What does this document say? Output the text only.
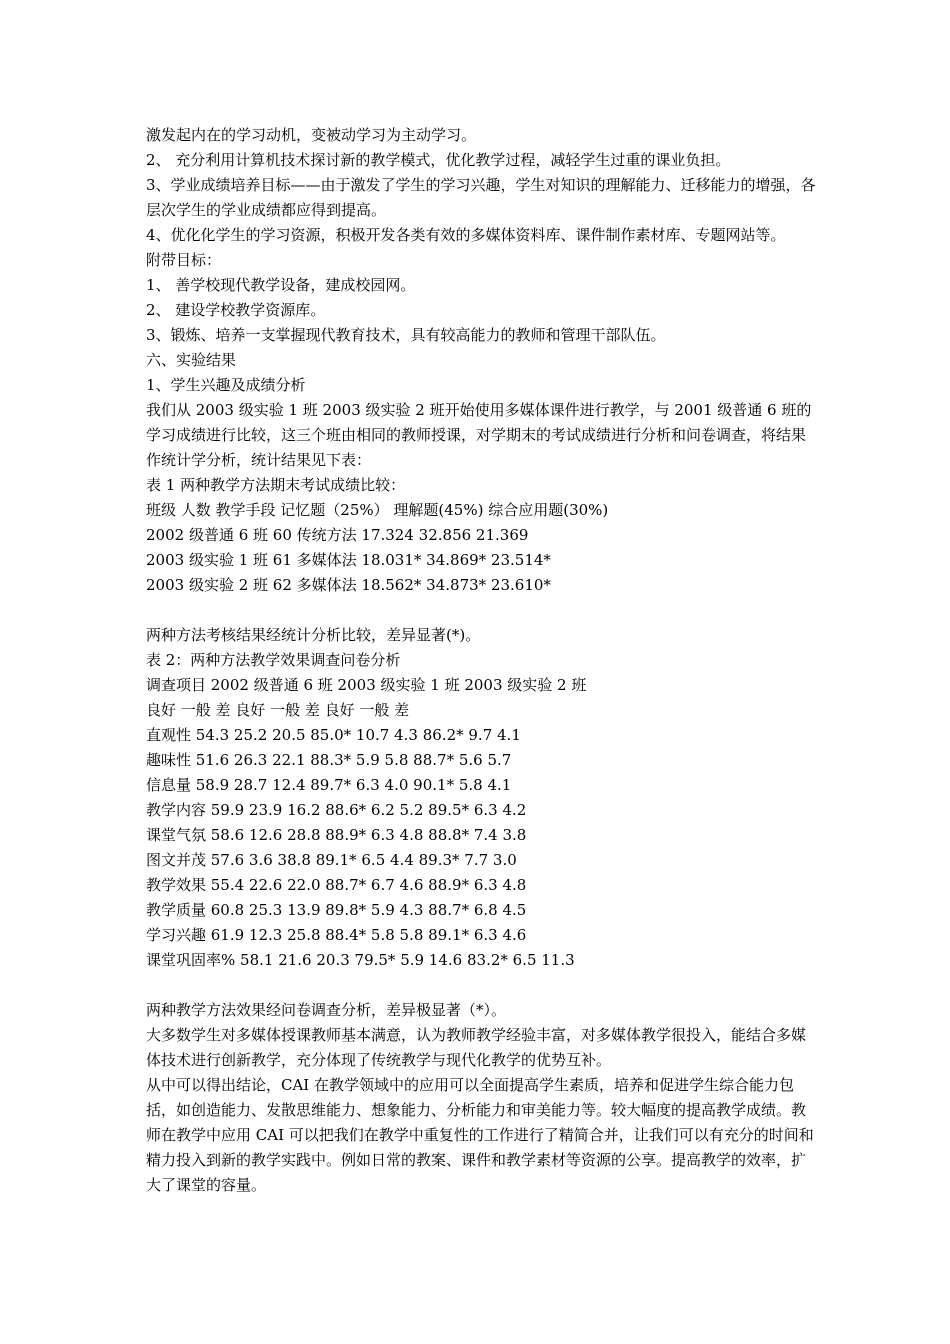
激发起内在的学习动机，变被动学习为主动学习。
2、 充分利用计算机技术探讨新的教学模式，优化教学过程，减轻学生过重的课业负担。
3、学业成绩培养目标——由于激发了学生的学习兴趣，学生对知识的理解能力、迁移能力的增强，各层次学生的学业成绩都应得到提高。
4、优化化学生的学习资源，积极开发各类有效的多媒体资料库、课件制作素材库、专题网站等。
附带目标：
1、 善学校现代教学设备，建成校园网。
2、 建设学校教学资源库。
3、锻炼、培养一支掌握现代教育技术，具有较高能力的教师和管理干部队伍。
六、实验结果
1、学生兴趣及成绩分析
我们从 2003 级实验 1 班 2003 级实验 2 班开始使用多媒体课件进行教学，与 2001 级普通 6 班的学习成绩进行比较，这三个班由相同的教师授课，对学期末的考试成绩进行分析和问卷调查，将结果作统计学分析，统计结果见下表：
表 1 两种教学方法期末考试成绩比较：
班级 人数 教学手段 记忆题（25%） 理解题(45%) 综合应用题(30%)
2002 级普通 6 班 60 传统方法 17.324 32.856 21.369
2003 级实验 1 班 61 多媒体法 18.031* 34.869* 23.514*
2003 级实验 2 班 62 多媒体法 18.562* 34.873* 23.610*
两种方法考核结果经统计分析比较，差异显著(*)。
表 2：两种方法教学效果调查问卷分析
调查项目 2002 级普通 6 班 2003 级实验 1 班 2003 级实验 2 班
良好 一般 差 良好 一般 差 良好 一般 差
直观性 54.3 25.2 20.5 85.0* 10.7 4.3 86.2* 9.7 4.1
趣味性 51.6 26.3 22.1 88.3* 5.9 5.8 88.7* 5.6 5.7
信息量 58.9 28.7 12.4 89.7* 6.3 4.0 90.1* 5.8 4.1
教学内容 59.9 23.9 16.2 88.6* 6.2 5.2 89.5* 6.3 4.2
课堂气氛 58.6 12.6 28.8 88.9* 6.3 4.8 88.8* 7.4 3.8
图文并茂 57.6 3.6 38.8 89.1* 6.5 4.4 89.3* 7.7 3.0
教学效果 55.4 22.6 22.0 88.7* 6.7 4.6 88.9* 6.3 4.8
教学质量 60.8 25.3 13.9 89.8* 5.9 4.3 88.7* 6.8 4.5
学习兴趣 61.9 12.3 25.8 88.4* 5.8 5.8 89.1* 6.3 4.6
课堂巩固率% 58.1 21.6 20.3 79.5* 5.9 14.6 83.2* 6.5 11.3
两种教学方法效果经问卷调查分析，差异极显著（*）。
大多数学生对多媒体授课教师基本满意，认为教师教学经验丰富，对多媒体教学很投入，能结合多媒体技术进行创新教学，充分体现了传统教学与现代化教学的优势互补。
从中可以得出结论，CAI 在教学领域中的应用可以全面提高学生素质，培养和促进学生综合能力包括，如创造能力、发散思维能力、想象能力、分析能力和审美能力等。较大幅度的提高教学成绩。教师在教学中应用 CAI 可以把我们在教学中重复性的工作进行了精简合并，让我们可以有充分的时间和精力投入到新的教学实践中。例如日常的教案、课件和教学素材等资源的公享。提高教学的效率，扩大了课堂的容量。
